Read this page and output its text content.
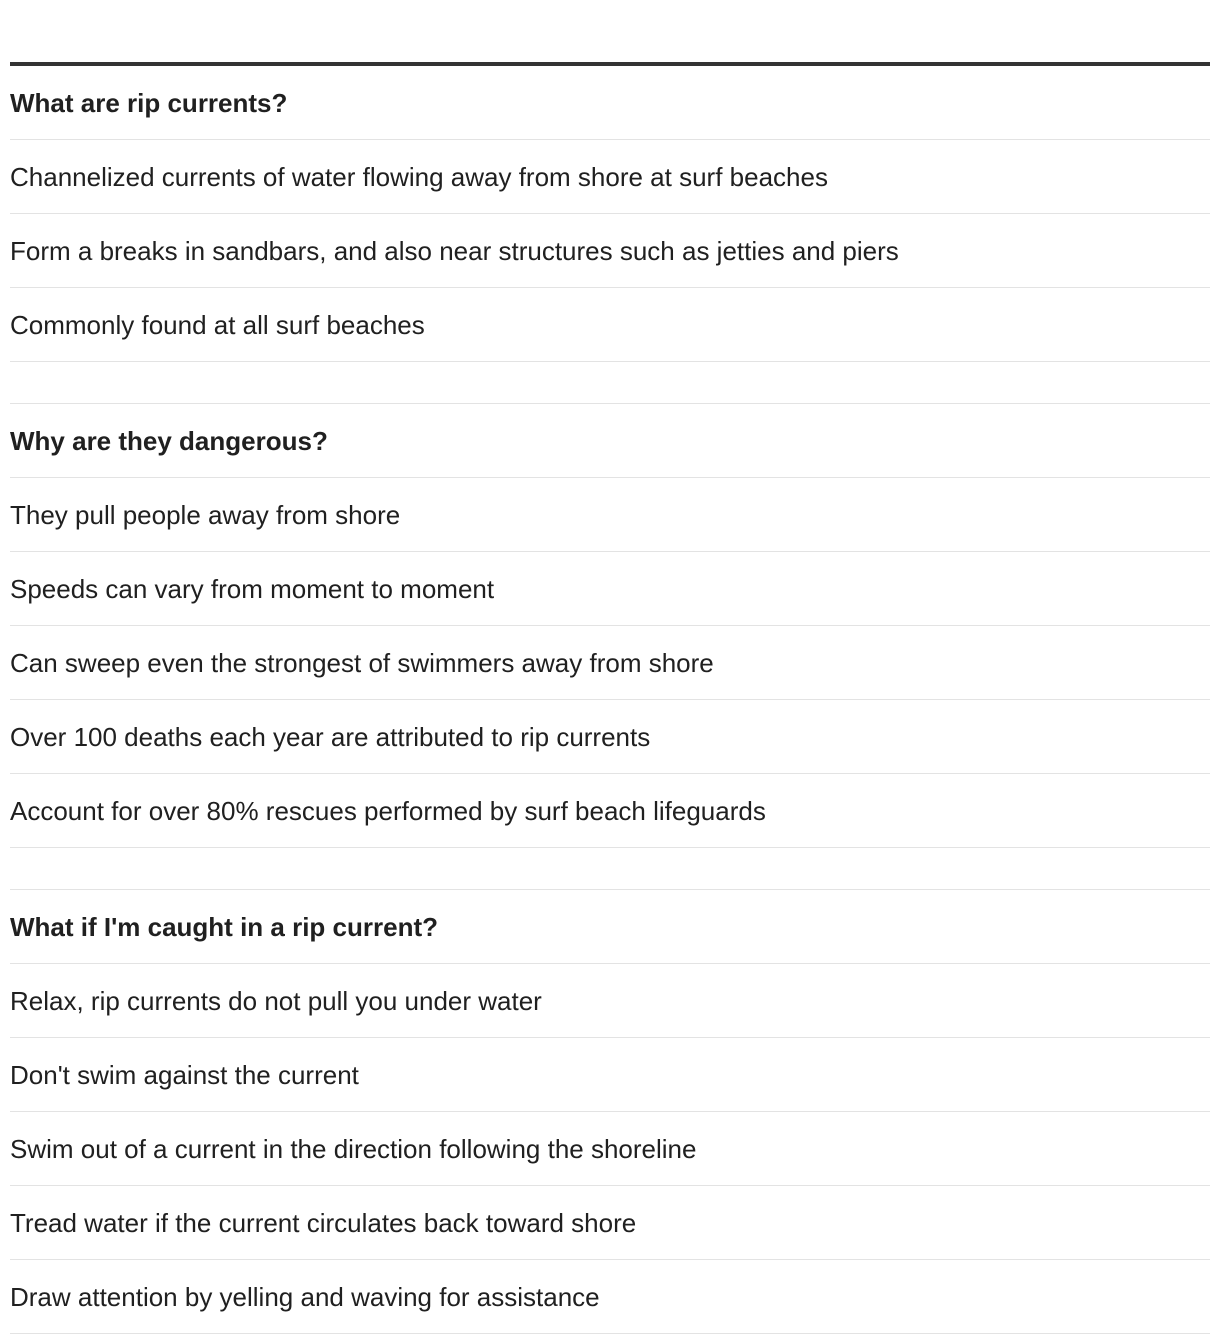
What are rip currents?
Channelized currents of water flowing away from shore at surf beaches
Form a breaks in sandbars, and also near structures such as jetties and piers
Commonly found at all surf beaches
Why are they dangerous?
They pull people away from shore
Speeds can vary from moment to moment
Can sweep even the strongest of swimmers away from shore
Over 100 deaths each year are attributed to rip currents
Account for over 80% rescues performed by surf beach lifeguards
What if I'm caught in a rip current?
Relax, rip currents do not pull you under water
Don't swim against the current
Swim out of a current in the direction following the shoreline
Tread water if the current circulates back toward shore
Draw attention by yelling and waving for assistance
